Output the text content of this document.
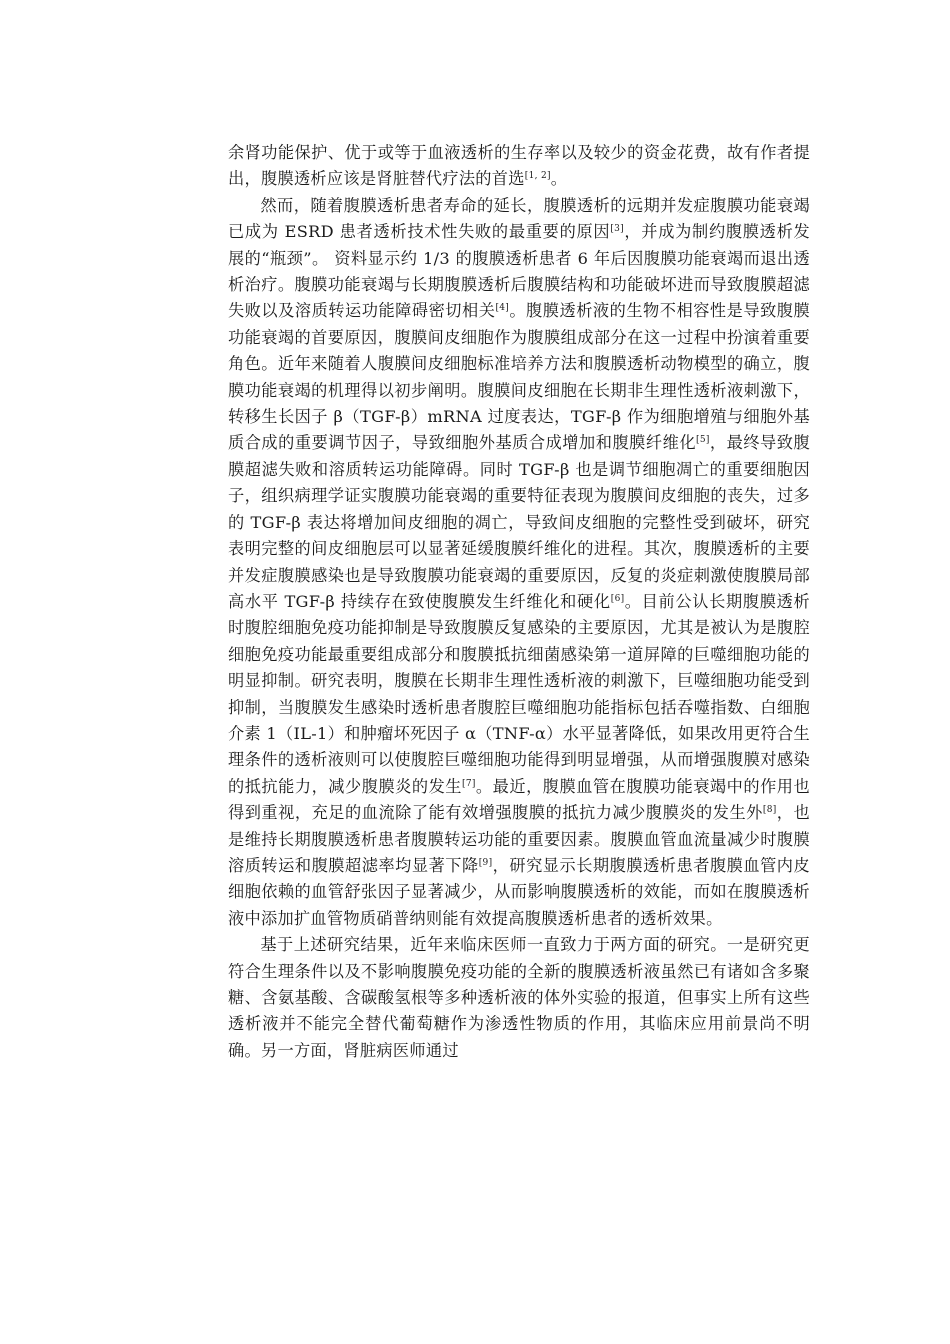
余肾功能保护、优于或等于血液透析的生存率以及较少的资金花费，故有作者提出，腹膜透析应该是肾脏替代疗法的首选[1, 2]。

然而，随着腹膜透析患者寿命的延长，腹膜透析的远期并发症腹膜功能衰竭已成为 ESRD 患者透析技术性失败的最重要的原因[3]，并成为制约腹膜透析发展的“瓶颈”。 资料显示约 1/3 的腹膜透析患者 6 年后因腹膜功能衰竭而退出透析治疗。腹膜功能衰竭与长期腹膜透析后腹膜结构和功能破坏进而导致腹膜超滤失败以及溶质转运功能障碍密切相关[4]。腹膜透析液的生物不相容性是导致腹膜功能衰竭的首要原因，腹膜间皮细胞作为腹膜组成部分在这一过程中扮演着重要角色。近年来随着人腹膜间皮细胞标准培养方法和腹膜透析动物模型的确立，腹膜功能衰竭的机理得以初步阐明。腹膜间皮细胞在长期非生理性透析液刺激下，转移生长因子 β（TGF-β）mRNA 过度表达，TGF-β 作为细胞增殖与细胞外基质合成的重要调节因子，导致细胞外基质合成增加和腹膜纤维化[5]，最终导致腹膜超滤失败和溶质转运功能障碍。同时 TGF-β 也是调节细胞凋亡的重要细胞因子，组织病理学证实腹膜功能衰竭的重要特征表现为腹膜间皮细胞的丧失，过多的 TGF-β 表达将增加间皮细胞的凋亡，导致间皮细胞的完整性受到破坏，研究表明完整的间皮细胞层可以显著延缓腹膜纤维化的进程。其次，腹膜透析的主要并发症腹膜感染也是导致腹膜功能衰竭的重要原因，反复的炎症刺激使腹膜局部高水平 TGF-β 持续存在致使腹膜发生纤维化和硬化[6]。目前公认长期腹膜透析时腹腔细胞免疫功能抑制是导致腹膜反复感染的主要原因，尤其是被认为是腹腔细胞免疫功能最重要组成部分和腹膜抵抗细菌感染第一道屏障的巨噬细胞功能的明显抑制。研究表明，腹膜在长期非生理性透析液的刺激下，巨噬细胞功能受到抑制，当腹膜发生感染时透析患者腹腔巨噬细胞功能指标包括吞噬指数、白细胞介素 1（IL-1）和肿瘤坏死因子 α（TNF-α）水平显著降低，如果改用更符合生理条件的透析液则可以使腹腔巨噬细胞功能得到明显增强，从而增强腹膜对感染的抵抗能力，减少腹膜炎的发生[7]。最近，腹膜血管在腹膜功能衰竭中的作用也得到重视，充足的血流除了能有效增强腹膜的抵抗力减少腹膜炎的发生外[8]，也是维持长期腹膜透析患者腹膜转运功能的重要因素。腹膜血管血流量减少时腹膜溶质转运和腹膜超滤率均显著下降[9]，研究显示长期腹膜透析患者腹膜血管内皮细胞依赖的血管舒张因子显著减少，从而影响腹膜透析的效能，而如在腹膜透析液中添加扩血管物质硝普纳则能有效提高腹膜透析患者的透析效果。

基于上述研究结果，近年来临床医师一直致力于两方面的研究。一是研究更符合生理条件以及不影响腹膜免疫功能的全新的腹膜透析液虽然已有诸如含多聚糖、含氨基酸、含碳酸氢根等多种透析液的体外实验的报道，但事实上所有这些透析液并不能完全替代葡萄糖作为渗透性物质的作用，其临床应用前景尚不明确。另一方面，肾脏病医师通过
